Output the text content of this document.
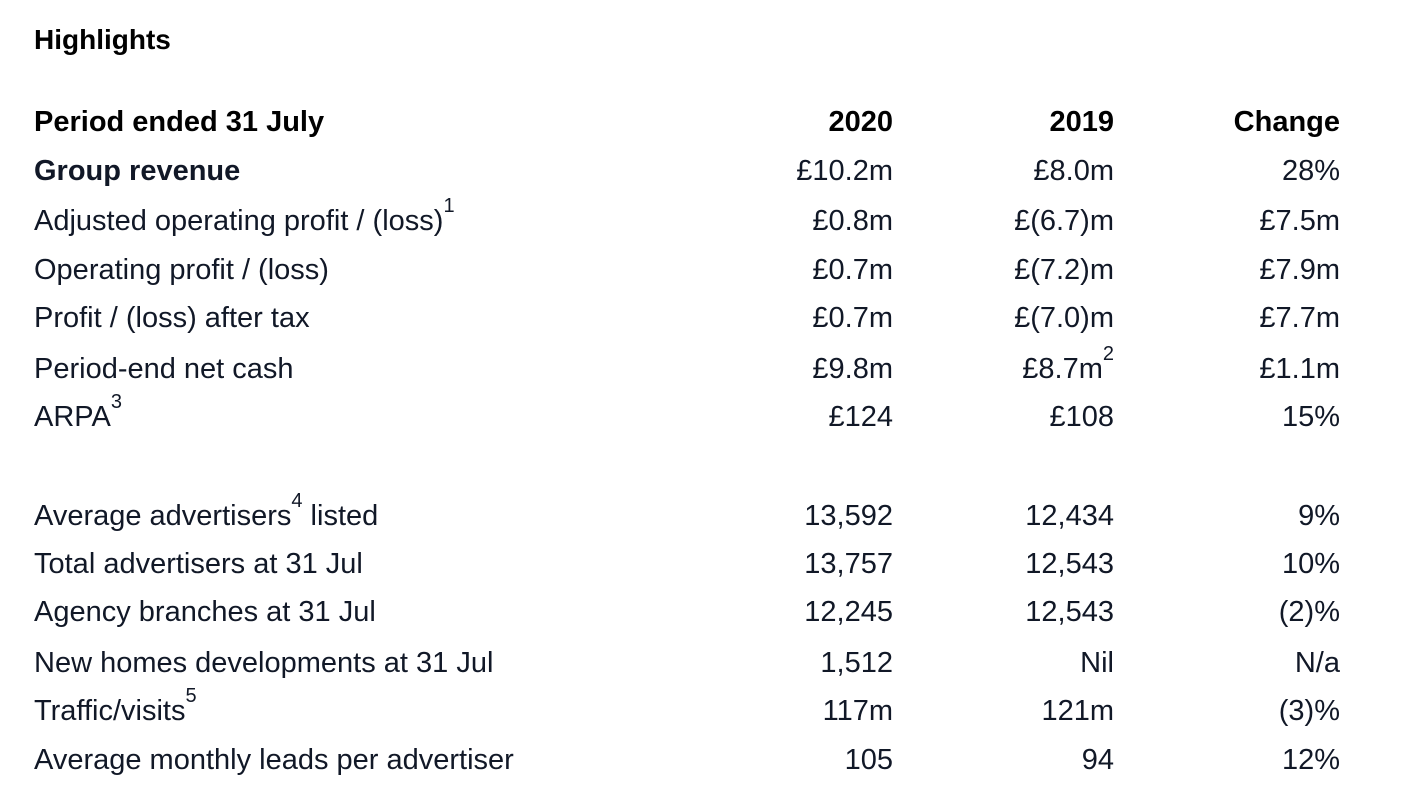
Highlights
Period ended 31 July	2020	2019	Change
Group revenue	£10.2m	£8.0m	28%
Adjusted operating profit / (loss)$^1$	£0.8m	£(6.7)m	£7.5m
Operating profit / (loss)	£0.7m	£(7.2)m	£7.9m
Profit / (loss) after tax	£0.7m	£(7.0)m	£7.7m
Period-end net cash	£9.8m	$£8.7m^2$	£1.1m
ARPA$^3$	£124	£108	15%
Average advertisers$^4$ listed	13,592	12,434	9%
Total advertisers at 31 Jul	13,757	12,543	10%
Agency branches at 31 Jul	12,245	12,543	(2)%
New homes developments at 31 Jul	1,512	Nil	N/a
Traffic/visits$^5$	117m	121m	(3)%
Average monthly leads per advertiser	105	94	12%
